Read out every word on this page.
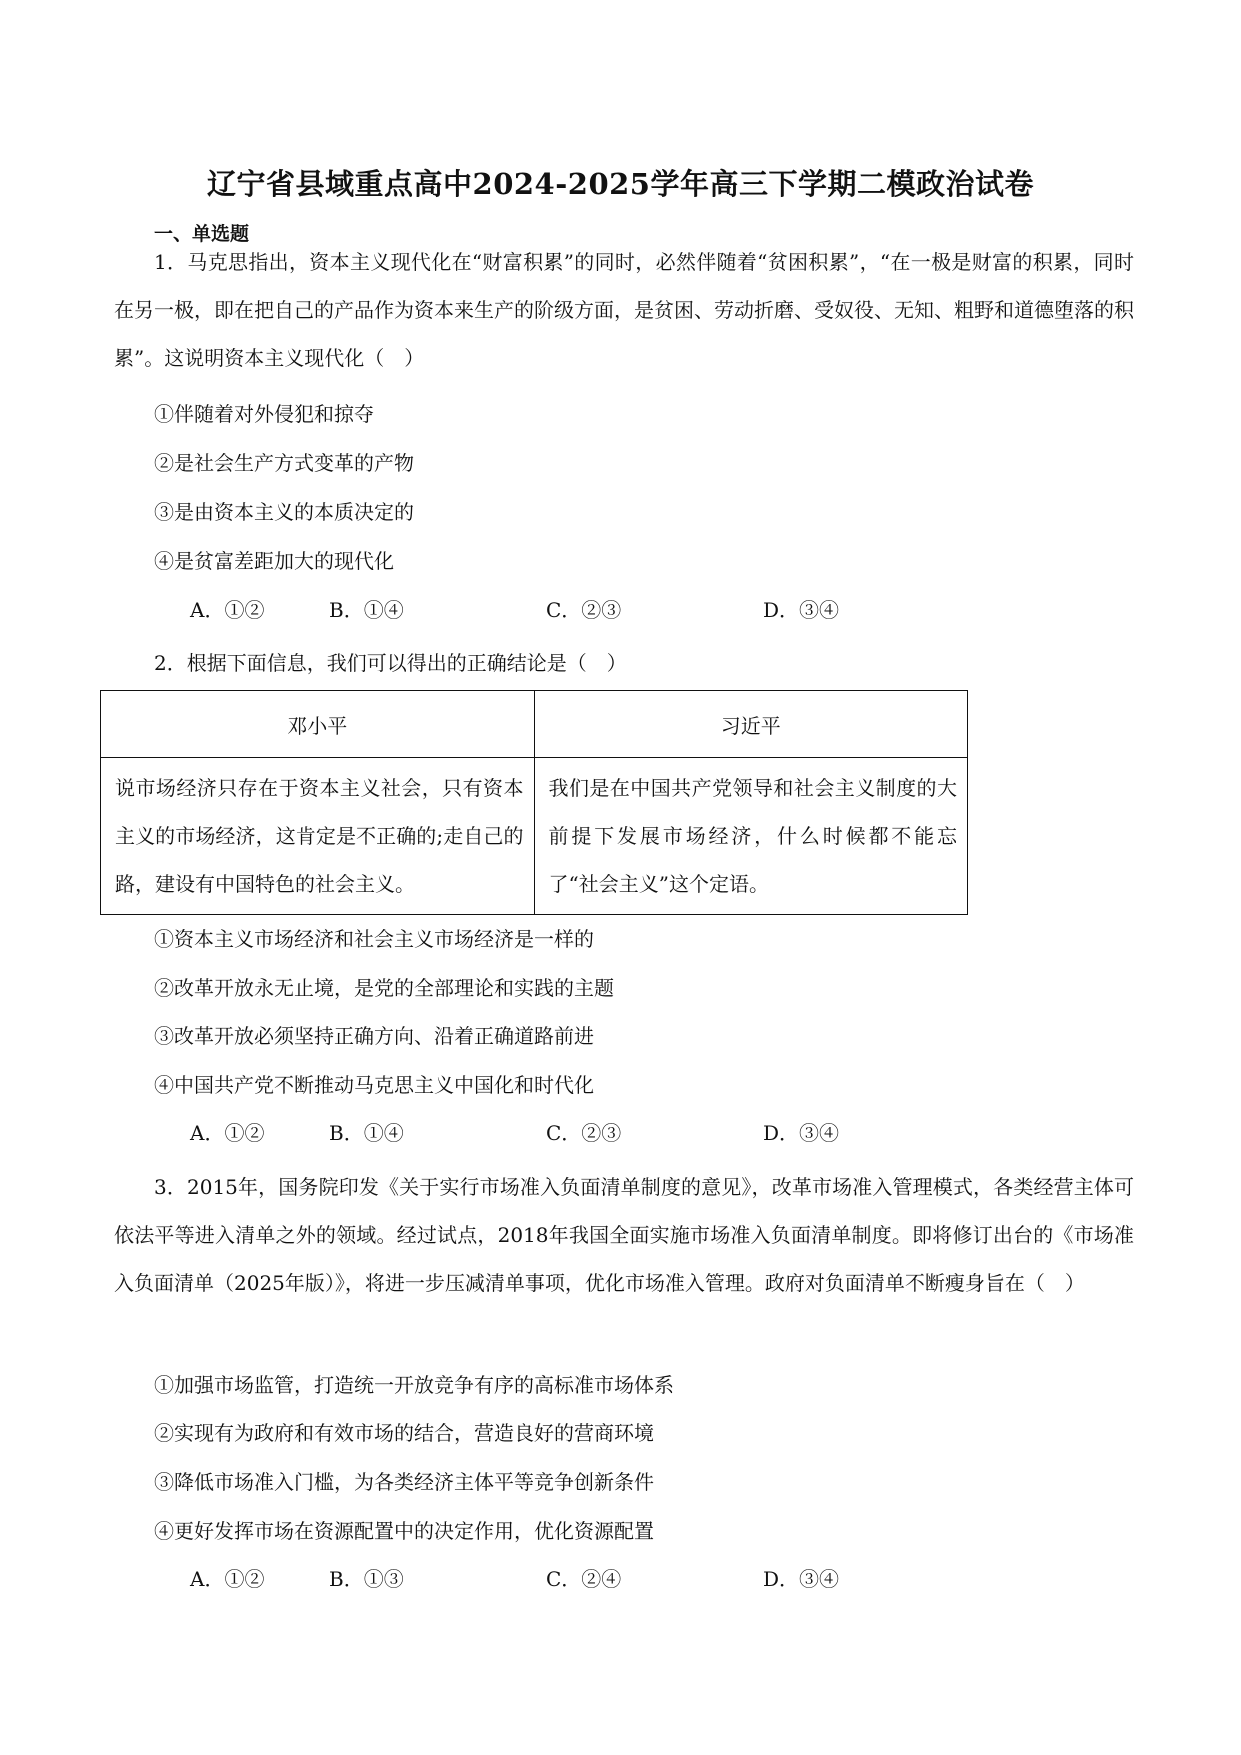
辽宁省县域重点高中2024-2025学年高三下学期二模政治试卷
一、单选题
1．马克思指出，资本主义现代化在“财富积累”的同时，必然伴随着“贫困积累”，“在一极是财富的积累，同时在另一极，即在把自己的产品作为资本来生产的阶级方面，是贫困、劳动折磨、受奴役、无知、粗野和道德堕落的积累”。这说明资本主义现代化（　）
①伴随着对外侵犯和掠夺
②是社会生产方式变革的产物
③是由资本主义的本质决定的
④是贫富差距加大的现代化
A．①②	B．①④	C．②③	D．③④
2．根据下面信息，我们可以得出的正确结论是（　）
邓小平	习近平
说市场经济只存在于资本主义社会，只有资本主义的市场经济，这肯定是不正确的;走自己的路，建设有中国特色的社会主义。	我们是在中国共产党领导和社会主义制度的大前提下发展市场经济，什么时候都不能忘了“社会主义”这个定语。
①资本主义市场经济和社会主义市场经济是一样的
②改革开放永无止境，是党的全部理论和实践的主题
③改革开放必须坚持正确方向、沿着正确道路前进
④中国共产党不断推动马克思主义中国化和时代化
A．①②	B．①④	C．②③	D．③④
3．2015年，国务院印发《关于实行市场准入负面清单制度的意见》，改革市场准入管理模式，各类经营主体可依法平等进入清单之外的领域。经过试点，2018年我国全面实施市场准入负面清单制度。即将修订出台的《市场准入负面清单（2025年版）》，将进一步压减清单事项，优化市场准入管理。政府对负面清单不断瘦身旨在（　）
①加强市场监管，打造统一开放竞争有序的高标准市场体系
②实现有为政府和有效市场的结合，营造良好的营商环境
③降低市场准入门槛，为各类经济主体平等竞争创新条件
④更好发挥市场在资源配置中的决定作用，优化资源配置
A．①②	B．①③	C．②④	D．③④
